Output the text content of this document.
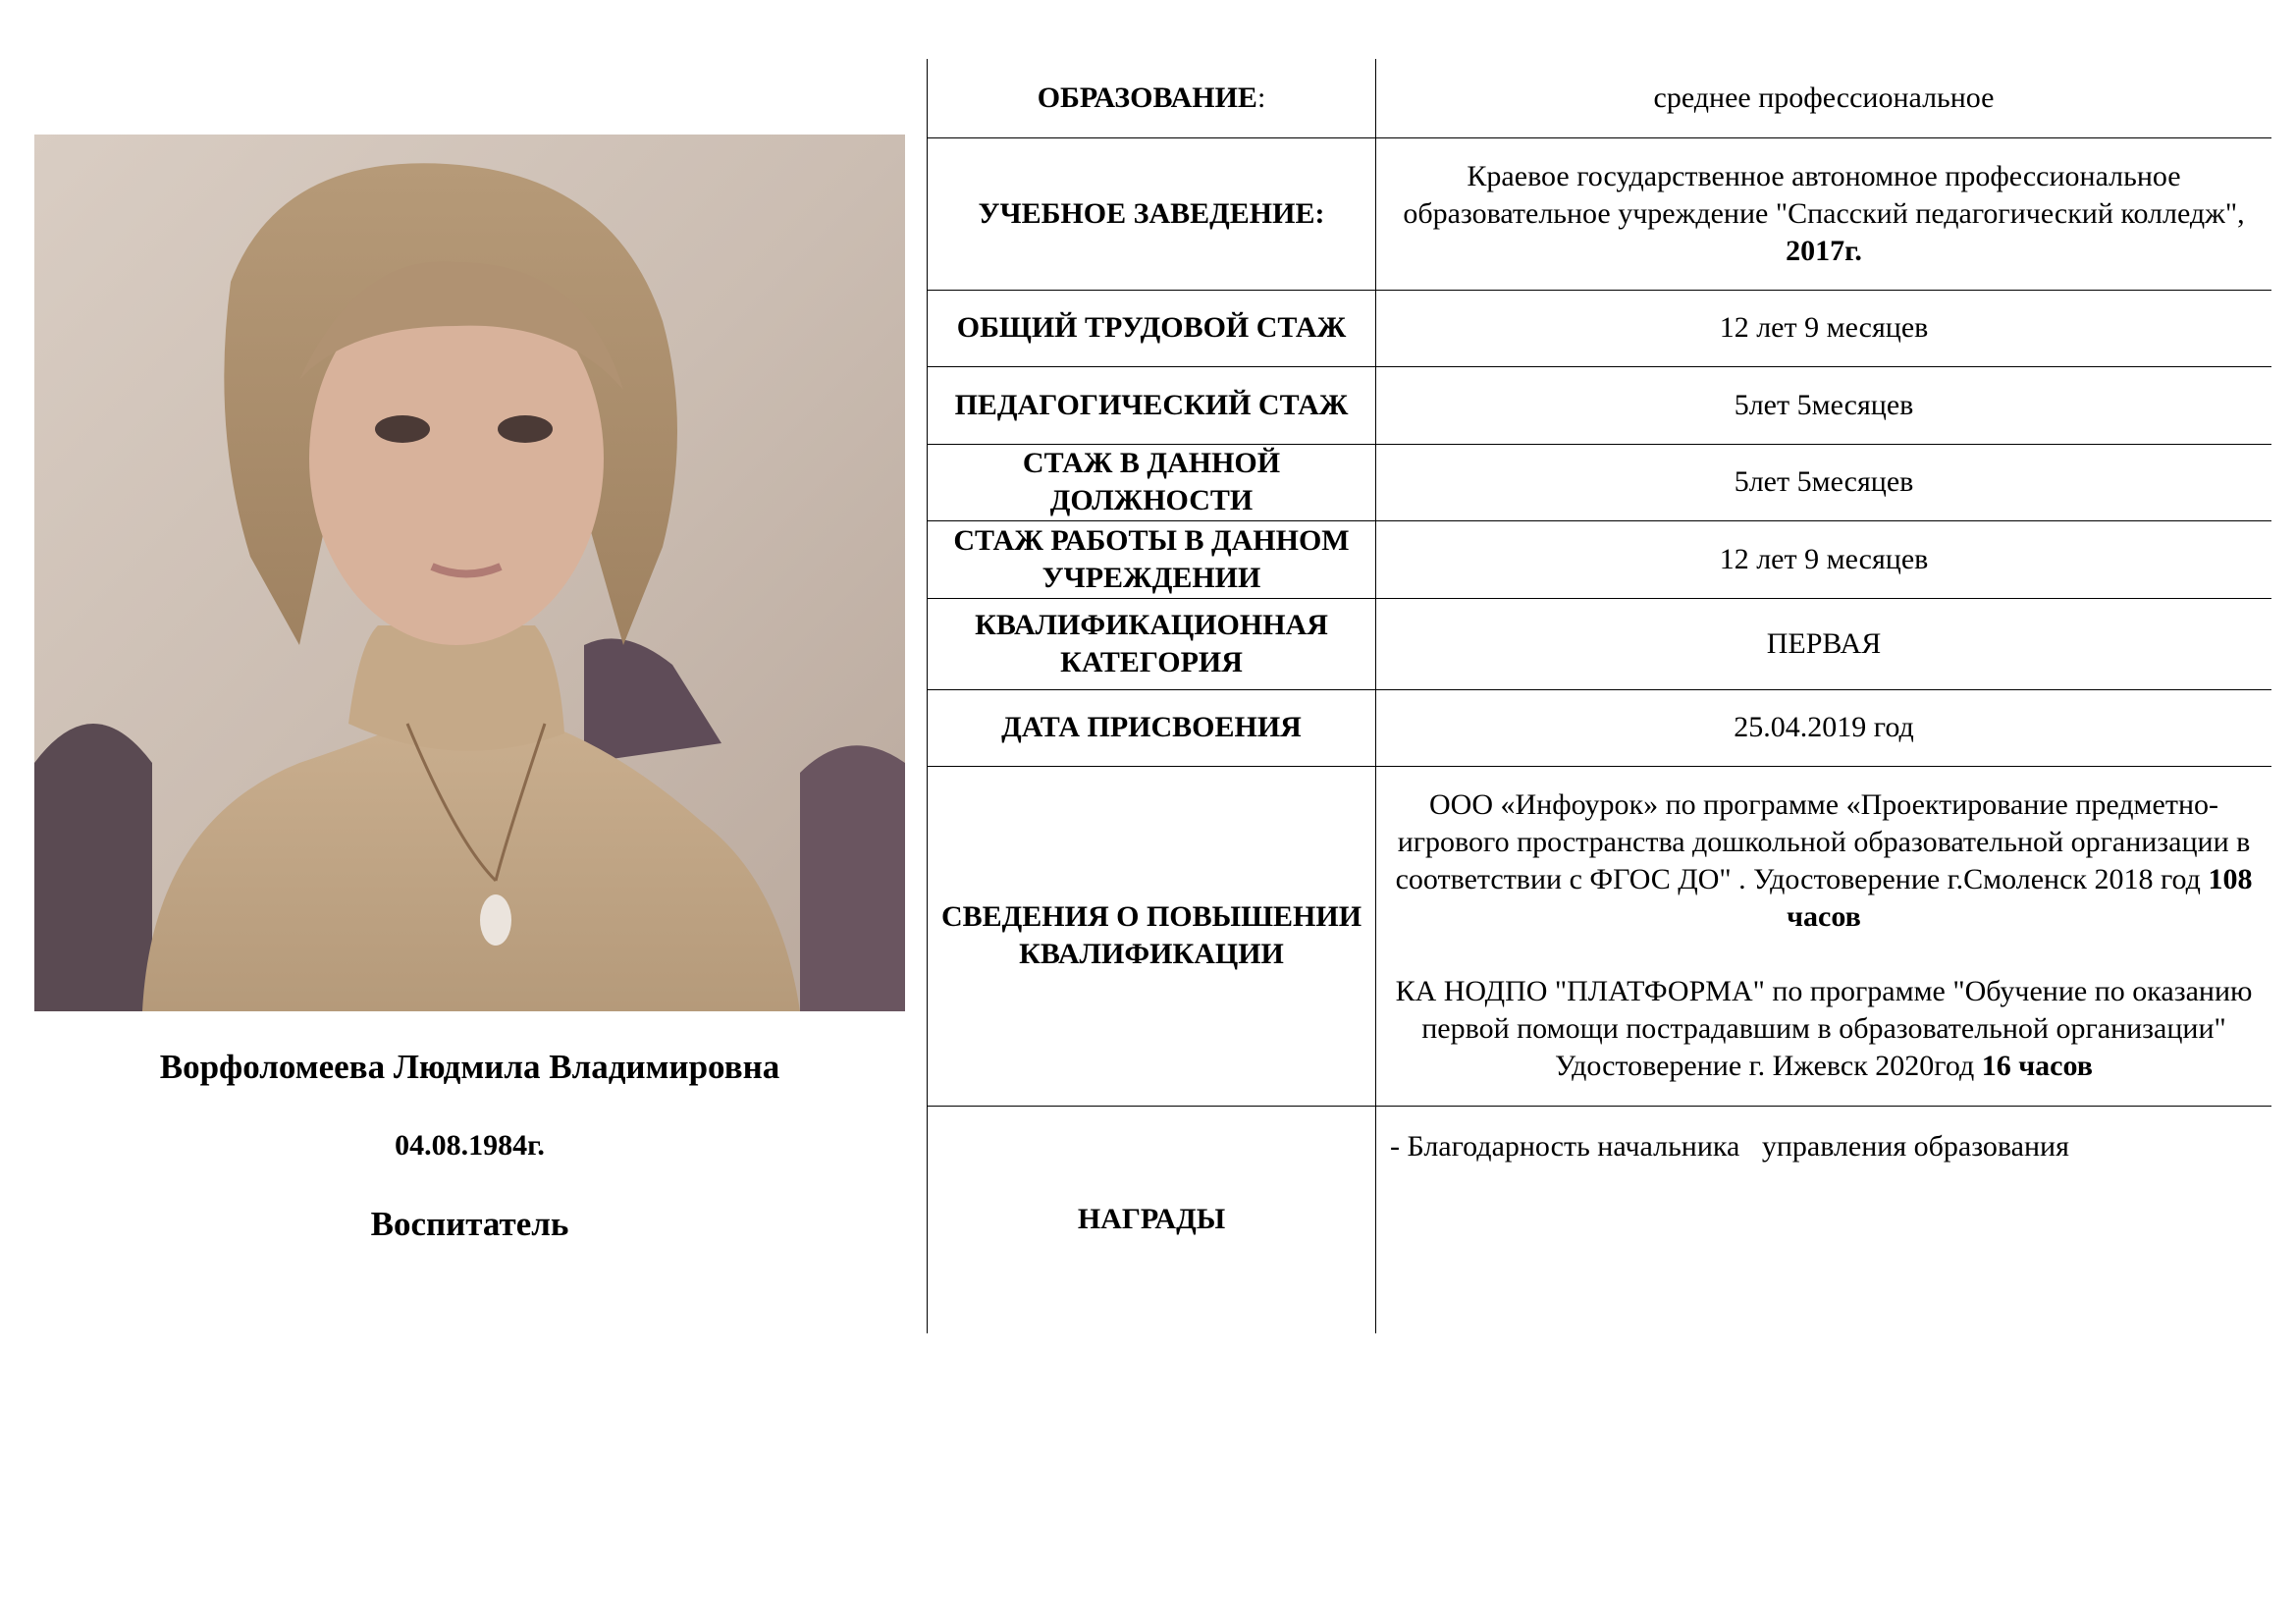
Ворфоломеева Людмила Владимировна
04.08.1984г.
Воспитатель
ОБРАЗОВАНИЕ:	среднее профессиональное
УЧЕБНОЕ ЗАВЕДЕНИЕ:	Краевое государственное автономное профессиональное образовательное учреждение "Спасский педагогический колледж", 2017г.
ОБЩИЙ ТРУДОВОЙ СТАЖ	12 лет 9 месяцев
ПЕДАГОГИЧЕСКИЙ СТАЖ	5лет 5месяцев
СТАЖ В ДАННОЙ ДОЛЖНОСТИ	5лет 5месяцев
СТАЖ РАБОТЫ В ДАННОМ УЧРЕЖДЕНИИ	12 лет 9 месяцев
КВАЛИФИКАЦИОННАЯ КАТЕГОРИЯ	ПЕРВАЯ
ДАТА ПРИСВОЕНИЯ	25.04.2019 год
СВЕДЕНИЯ О ПОВЫШЕНИИ КВАЛИФИКАЦИИ	ООО «Инфоурок» по программе «Проектирование предметно-игрового пространства дошкольной образовательной организации в соответствии с ФГОС ДО" . Удостоверение г.Смоленск 2018 год 108 часов
КА НОДПО "ПЛАТФОРМА" по программе "Обучение по оказанию первой помощи пострадавшим в образовательной организации" Удостоверение г. Ижевск 2020год 16 часов

НАГРАДЫ	- Благодарность начальника   управления образования
